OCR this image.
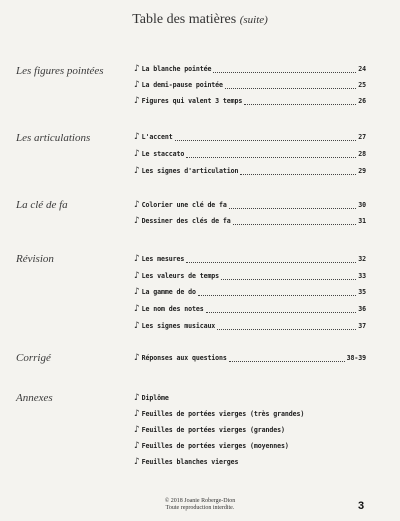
Table des matières (suite)
Les figures pointées	♪ La blanche pointée	24
♪ La demi-pause pointée	25
♪ Figures qui valent 3 temps	26
Les articulations	♪ L'accent	27
♪ Le staccato	28
♪ Les signes d'articulation	29
La clé de fa	♪ Colorier une clé de fa	30
♪ Dessiner des clés de fa	31
Révision	♪ Les mesures	32
♪ Les valeurs de temps	33
♪ La gamme de do	35
♪ Le nom des notes	36
♪ Les signes musicaux	37
Corrigé	♪ Réponses aux questions	38-39
Annexes	♪ Diplôme
♪ Feuilles de portées vierges (très grandes)
♪ Feuilles de portées vierges (grandes)
♪ Feuilles de portées vierges (moyennes)
♪ Feuilles blanches vierges
© 2018 Joanie Roberge-Dion
Toute reproduction interdite.	3
